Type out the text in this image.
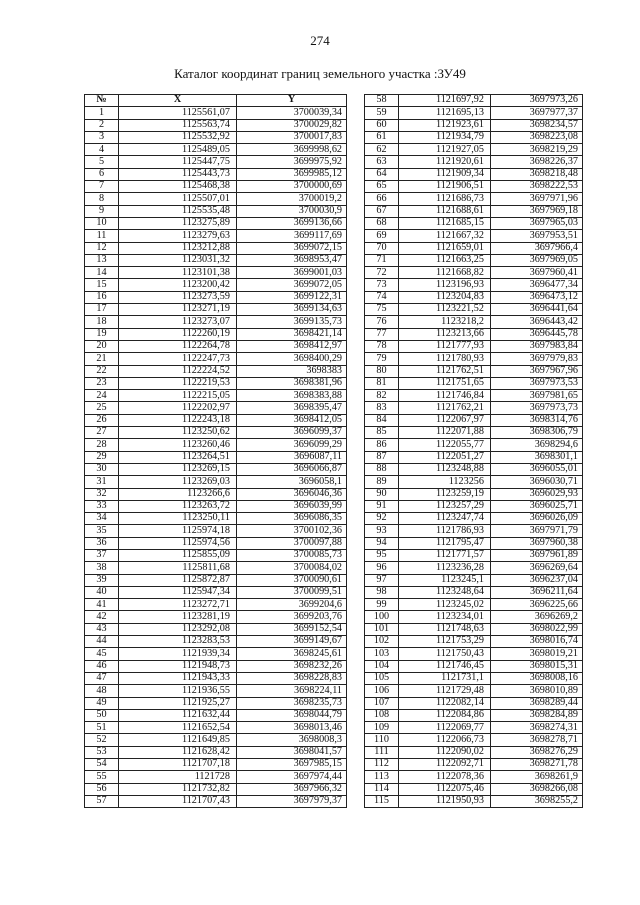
274
Каталог координат границ земельного участка :ЗУ49
№	X	Y
1	1125561,07	3700039,34
2	1125563,74	3700029,82
3	1125532,92	3700017,83
4	1125489,05	3699998,62
5	1125447,75	3699975,92
6	1125443,73	3699985,12
7	1125468,38	3700000,69
8	1125507,01	3700019,2
9	1125535,48	3700030,9
10	1123275,89	3699136,66
11	1123279,63	3699117,69
12	1123212,88	3699072,15
13	1123031,32	3698953,47
14	1123101,38	3699001,03
15	1123200,42	3699072,05
16	1123273,59	3699122,31
17	1123271,19	3699134,63
18	1123273,07	3699135,73
19	1122260,19	3698421,14
20	1122264,78	3698412,97
21	1122247,73	3698400,29
22	1122224,52	3698383
23	1122219,53	3698381,96
24	1122215,05	3698383,88
25	1122202,97	3698395,47
26	1122243,18	3698412,05
27	1123250,62	3696099,37
28	1123260,46	3696099,29
29	1123264,51	3696087,11
30	1123269,15	3696066,87
31	1123269,03	3696058,1
32	1123266,6	3696046,36
33	1123263,72	3696039,99
34	1123250,11	3696086,35
35	1125974,18	3700102,36
36	1125974,56	3700097,88
37	1125855,09	3700085,73
38	1125811,68	3700084,02
39	1125872,87	3700090,61
40	1125947,34	3700099,51
41	1123272,71	3699204,6
42	1123281,19	3699203,76
43	1123292,08	3699152,54
44	1123283,53	3699149,67
45	1121939,34	3698245,61
46	1121948,73	3698232,26
47	1121943,33	3698228,83
48	1121936,55	3698224,11
49	1121925,27	3698235,73
50	1121632,44	3698044,79
51	1121652,54	3698013,46
52	1121649,85	3698008,3
53	1121628,42	3698041,57
54	1121707,18	3697985,15
55	1121728	3697974,44
56	1121732,82	3697966,32
57	1121707,43	3697979,37
58	1121697,92	3697973,26
59	1121695,13	3697977,37
60	1121923,61	3698234,57
61	1121934,79	3698223,08
62	1121927,05	3698219,29
63	1121920,61	3698226,37
64	1121909,34	3698218,48
65	1121906,51	3698222,53
66	1121686,73	3697971,96
67	1121688,61	3697969,18
68	1121685,15	3697965,03
69	1121667,32	3697953,51
70	1121659,01	3697966,4
71	1121663,25	3697969,05
72	1121668,82	3697960,41
73	1123196,93	3696477,34
74	1123204,83	3696473,12
75	1123221,52	3696441,64
76	1123218,2	3696443,42
77	1123213,66	3696445,78
78	1121777,93	3697983,84
79	1121780,93	3697979,83
80	1121762,51	3697967,96
81	1121751,65	3697973,53
82	1121746,84	3697981,65
83	1121762,21	3697973,73
84	1122067,97	3698314,76
85	1122071,88	3698306,79
86	1122055,77	3698294,6
87	1122051,27	3698301,1
88	1123248,88	3696055,01
89	1123256	3696030,71
90	1123259,19	3696029,93
91	1123257,29	3696025,71
92	1123247,74	3696026,09
93	1121786,93	3697971,79
94	1121795,47	3697960,38
95	1121771,57	3697961,89
96	1123236,28	3696269,64
97	1123245,1	3696237,04
98	1123248,64	3696211,64
99	1123245,02	3696225,66
100	1123234,01	3696269,2
101	1121748,63	3698022,99
102	1121753,29	3698016,74
103	1121750,43	3698019,21
104	1121746,45	3698015,31
105	1121731,1	3698008,16
106	1121729,48	3698010,89
107	1122082,14	3698289,44
108	1122084,86	3698284,89
109	1122069,77	3698274,31
110	1122066,73	3698278,71
111	1122090,02	3698276,29
112	1122092,71	3698271,78
113	1122078,36	3698261,9
114	1122075,46	3698266,08
115	1121950,93	3698255,2
